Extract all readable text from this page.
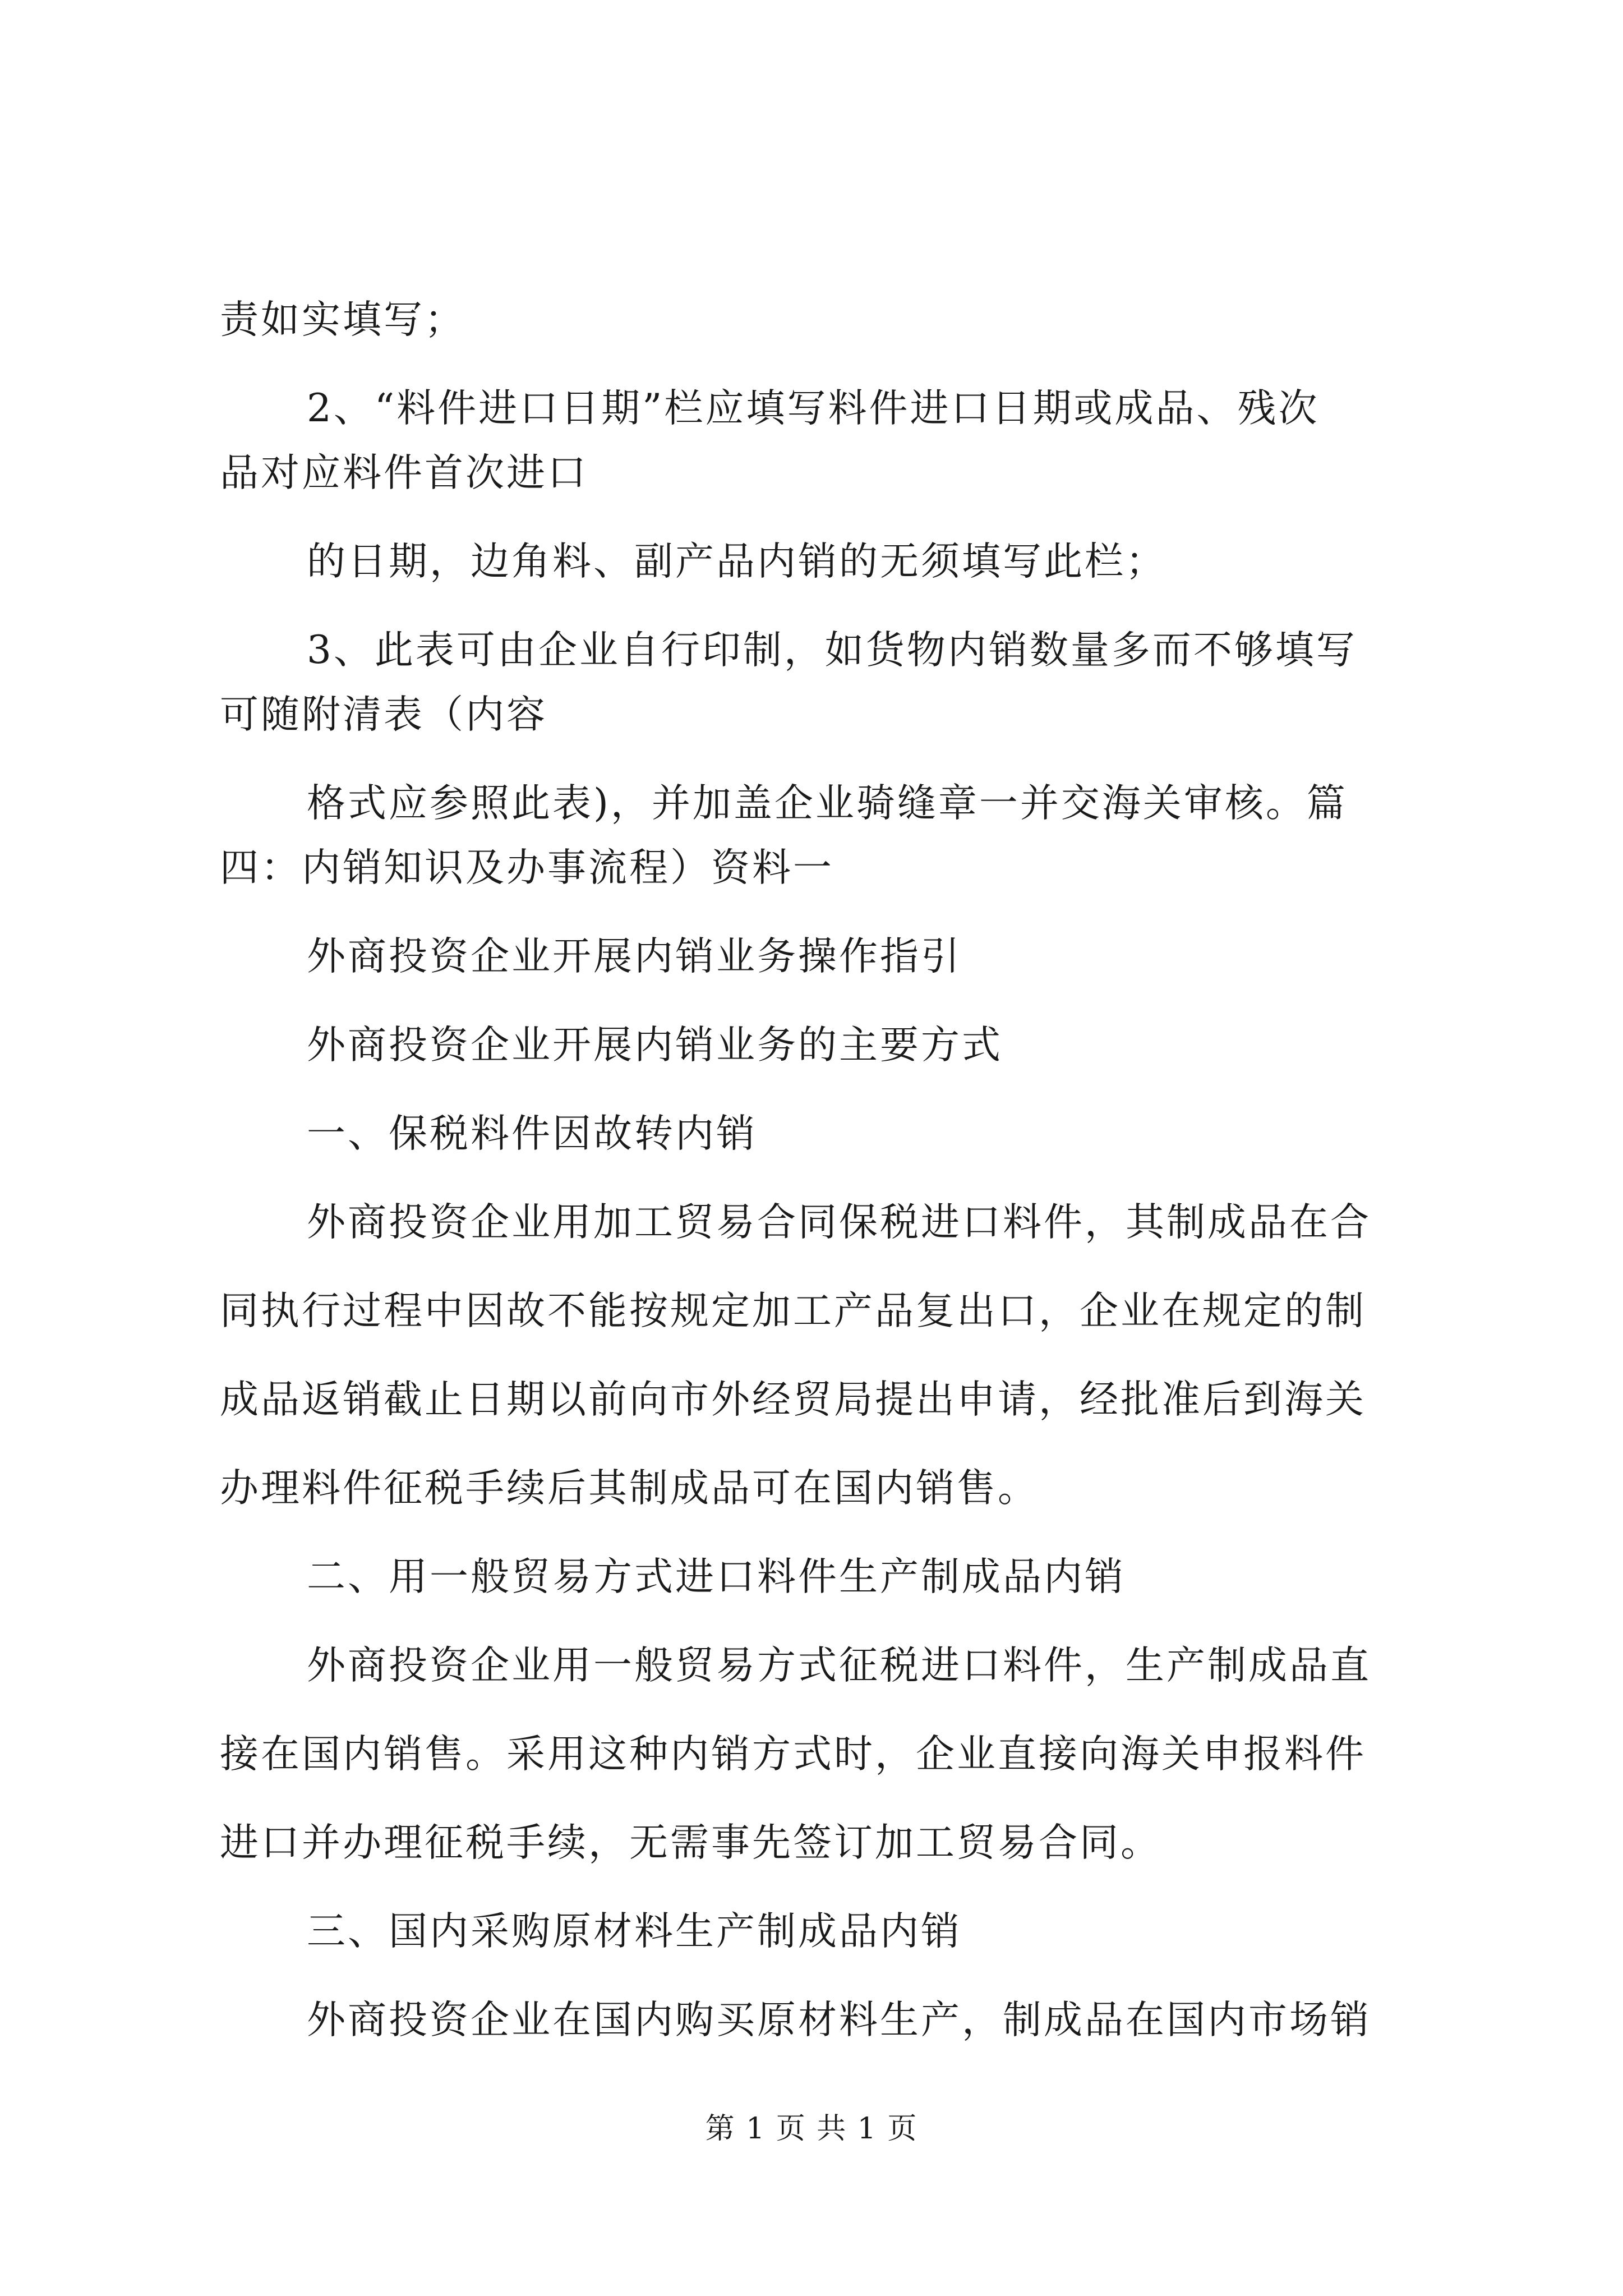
责如实填写；
2、“料件进口日期”栏应填写料件进口日期或成品、残次
品对应料件首次进口
的日期，边角料、副产品内销的无须填写此栏；
3、此表可由企业自行印制，如货物内销数量多而不够填写
可随附清表（内容
格式应参照此表)，并加盖企业骑缝章一并交海关审核。篇
四：内销知识及办事流程）资料一
外商投资企业开展内销业务操作指引
外商投资企业开展内销业务的主要方式
一、保税料件因故转内销
外商投资企业用加工贸易合同保税进口料件，其制成品在合
同执行过程中因故不能按规定加工产品复出口，企业在规定的制
成品返销截止日期以前向市外经贸局提出申请，经批准后到海关
办理料件征税手续后其制成品可在国内销售。
二、用一般贸易方式进口料件生产制成品内销
外商投资企业用一般贸易方式征税进口料件，生产制成品直
接在国内销售。采用这种内销方式时，企业直接向海关申报料件
进口并办理征税手续，无需事先签订加工贸易合同。
三、国内采购原材料生产制成品内销
外商投资企业在国内购买原材料生产，制成品在国内市场销
第 1 页 共 1 页
